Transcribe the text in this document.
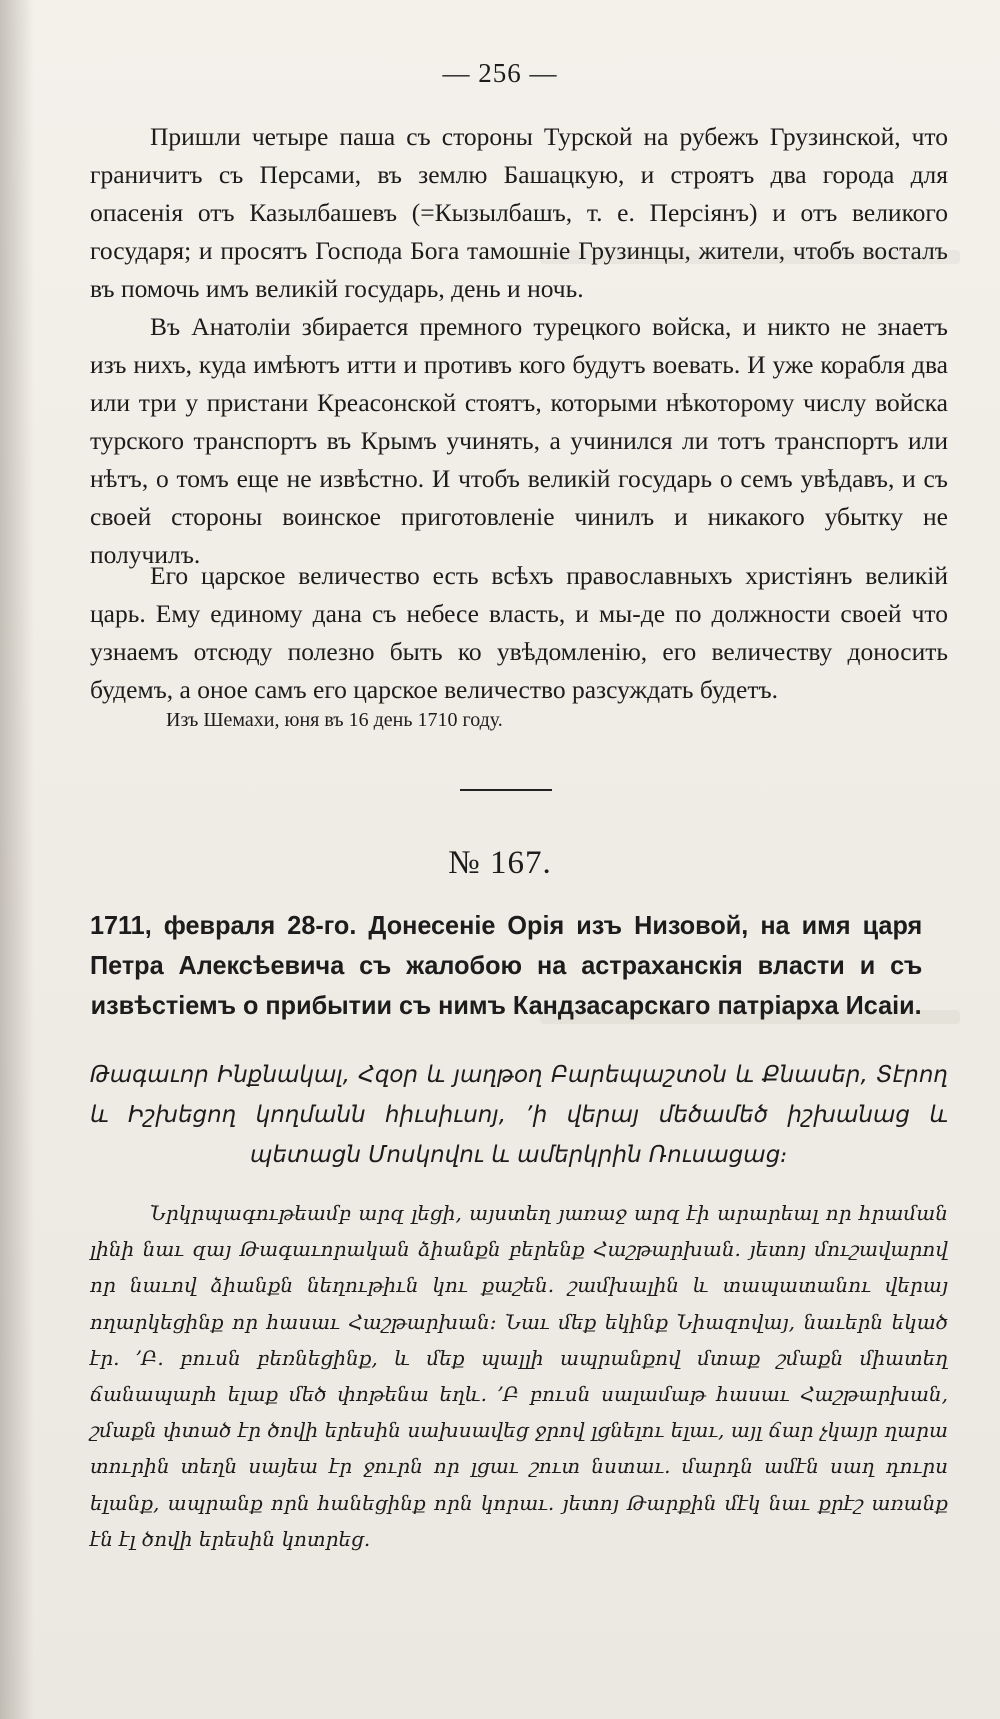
— 256 —

Пришли четыре паша съ стороны Турской на рубежъ Грузинской, что граничитъ съ Персами, въ землю Башацкую, и строятъ два города для опасенія отъ Казылбашевъ (=Кызылбашъ, т. е. Персіянъ) и отъ великого государя; и просятъ Господа Бога тамошніе Грузинцы, жители, чтобъ восталъ въ помочь имъ великій государь, день и ночь.

Въ Анатоліи збирается премного турецкого войска, и никто не знаетъ изъ нихъ, куда имѣютъ итти и противъ кого будутъ воевать. И уже корабля два или три у пристани Креасонской стоятъ, которыми нѣкоторому числу войска турского транспортъ въ Крымъ учинять, а учинился ли тотъ транспортъ или нѣтъ, о томъ еще не извѣстно. И чтобъ великій государь о семъ увѣдавъ, и съ своей стороны воинское приготовленіе чинилъ и никакого убытку не получилъ.

Его царское величество есть всѣхъ православныхъ христіянъ великій царь. Ему единому дана съ небесе власть, и мы-де по должности своей что узнаемъ отсюду полезно быть ко увѣдомленію, его величеству доносить будемъ, а оное самъ его царское величество разсуждать будетъ.

Изъ Шемахи, юня въ 16 день 1710 году.

№ 167.

1711, февраля 28-го. Донесеніе Орія изъ Низовой, на имя царя Петра Алексѣевича съ жалобою на астраханскія власти и съ извѣстіемъ о прибытии съ нимъ Кандзасарскаго патріарха Исаіи.

Թագաւոր Ինքնակալ, Հզօր և յաղթօղ Բարեպաշտօն և Քնասեր, Տէրող և Իշխեցող կողմանն հիւսիւսոյ, ՚ի վերայ մեծամեծ իշխանաց և պետացն Մոսկովու և ամերկրին Ռուսացաց։

Նրկրպագութեամբ արզ լեցի, այստեղ յառաջ արզ էի արարեալ որ հրաման լինի նաւ զայ Թագաւորական ձիանքն բերենք Հաշթարխան. յետոյ մուշավարով որ նաւով ձիանքն նեղութիւն կու քաշեն. շամխալին և տապատանու վերայ ողարկեցինք որ հասաւ Հաշթարխան։ Նաւ մեք եկինք Նիազովայ, նաւերն եկած էր. ՚Բ. բուսն բեռնեցինք, և մեք պալլի ապրանքով մտաք շմաքն միատեղ ճանապարհ ելաք մեծ փոթենա եղև. ՚Բ բուսն սալամաթ հասաւ Հաշթարխան, շմաքն փտած էր ծովի երեսին սախսավեց ջրով լցնելու ելաւ, այլ ճար չկայր ղարա տուրին տեղն սայեա էր ջուրն որ լցաւ շուտ նստաւ. մարդն ամէն սաղ դուրս ելանք, ապրանք որն հանեցինք որն կորաւ. յետոյ Թարքին մէկ նաւ քրէշ առանք էն էլ ծովի երեսին կոտրեց.
